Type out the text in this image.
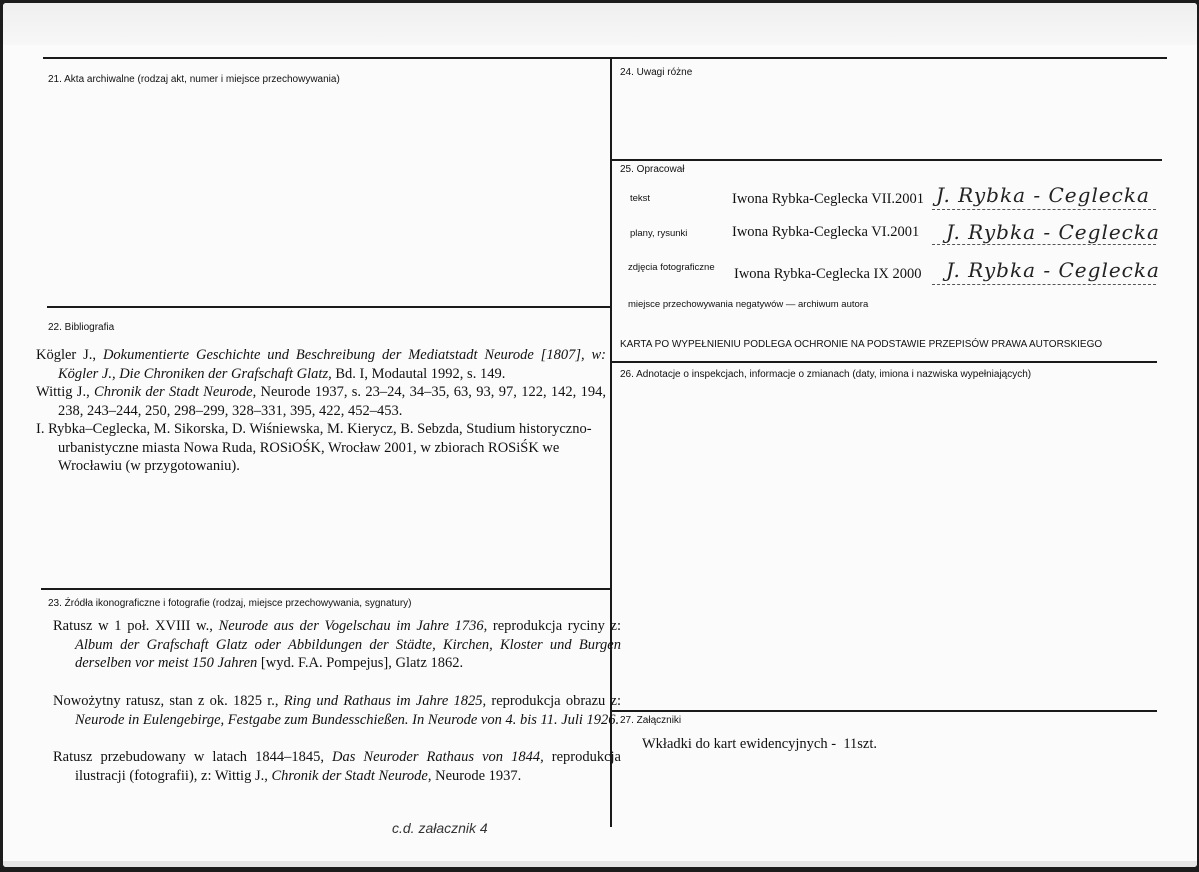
21. Akta archiwalne (rodzaj akt, numer i miejsce przechowywania)
22. Bibliografia
Kögler J., Dokumentierte Geschichte und Beschreibung der Mediatstadt Neurode [1807], w: Kögler J., Die Chroniken der Grafschaft Glatz, Bd. I, Modautal 1992, s. 149.
Wittig J., Chronik der Stadt Neurode, Neurode 1937, s. 23–24, 34–35, 63, 93, 97, 122, 142, 194, 238, 243–244, 250, 298–299, 328–331, 395, 422, 452–453.
I. Rybka–Ceglecka, M. Sikorska, D. Wiśniewska, M. Kierycz, B. Sebzda, Studium historyczno-urbanistyczne miasta Nowa Ruda, ROSiOŚK, Wrocław 2001, w zbiorach ROSiŚK we Wrocławiu (w przygotowaniu).
23. Źródła ikonograficzne i fotografie (rodzaj, miejsce przechowywania, sygnatury)
Ratusz w 1 poł. XVIII w., Neurode aus der Vogelschau im Jahre 1736, reprodukcja ryciny z: Album der Grafschaft Glatz oder Abbildungen der Städte, Kirchen, Kloster und Burgen derselben vor meist 150 Jahren [wyd. F.A. Pompejus], Glatz 1862.
Nowożytny ratusz, stan z ok. 1825 r., Ring und Rathaus im Jahre 1825, reprodukcja obrazu z: Neurode in Eulengebirge, Festgabe zum Bundesschießen. In Neurode von 4. bis 11. Juli 1926.
Ratusz przebudowany w latach 1844–1845, Das Neuroder Rathaus von 1844, reprodukcja ilustracji (fotografii), z: Wittig J., Chronik der Stadt Neurode, Neurode 1937.
c.d. załacznik 4
24. Uwagi różne
25. Opracował
tekst	Iwona Rybka-Ceglecka VII.2001 J. Rybka - Ceglecka
plany, rysunki	Iwona Rybka-Ceglecka VI.2001 J. Rybka - Ceglecka
zdjęcia fotograficzne Iwona Rybka-Ceglecka IX 2000 J. Rybka - Ceglecka
miejsce przechowywania negatywów — archiwum autora
KARTA PO WYPEŁNIENIU PODLEGA OCHRONIE NA PODSTAWIE PRZEPISÓW PRAWA AUTORSKIEGO
26. Adnotacje o inspekcjach, informacje o zmianach (daty, imiona i nazwiska wypełniających)
27. Załączniki
Wkładki do kart ewidencyjnych -  11szt.
